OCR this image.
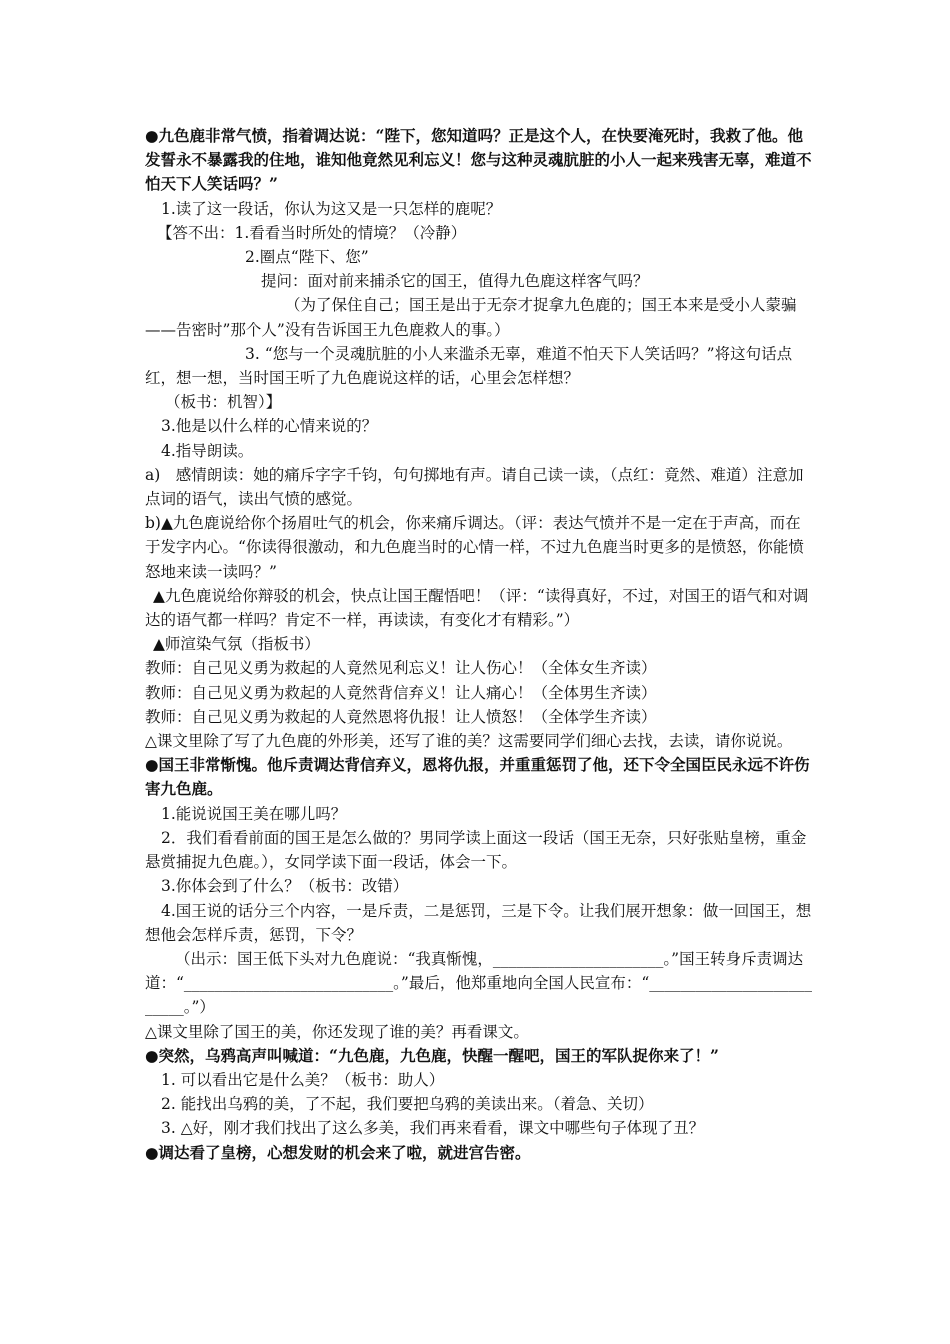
●九色鹿非常气愤，指着调达说：“陛下，您知道吗？正是这个人，在快要淹死时，我救了他。他发誓永不暴露我的住地，谁知他竟然见利忘义！您与这种灵魂肮脏的小人一起来残害无辜，难道不怕天下人笑话吗？”

1.读了这一段话，你认为这又是一只怎样的鹿呢？

【答不出：1.看看当时所处的情境？（冷静）

2.圈点“陛下、您”

提问：面对前来捕杀它的国王，值得九色鹿这样客气吗？

（为了保住自己；国王是出于无奈才捉拿九色鹿的；国王本来是受小人蒙骗——告密时”那个人”没有告诉国王九色鹿救人的事。）

3. “您与一个灵魂肮脏的小人来滥杀无辜，难道不怕天下人笑话吗？”将这句话点红，想一想，当时国王听了九色鹿说这样的话，心里会怎样想？

（板书：机智）】

3.他是以什么样的心情来说的？

4.指导朗读。

a)　感情朗读：她的痛斥字字千钧，句句掷地有声。请自己读一读，（点红：竟然、难道）注意加点词的语气，读出气愤的感觉。

b)▲九色鹿说给你个扬眉吐气的机会，你来痛斥调达。（评：表达气愤并不是一定在于声高，而在于发字内心。“你读得很激动，和九色鹿当时的心情一样，不过九色鹿当时更多的是愤怒，你能愤怒地来读一读吗？”

▲九色鹿说给你辩驳的机会，快点让国王醒悟吧！（评：“读得真好，不过，对国王的语气和对调达的语气都一样吗？肯定不一样，再读读，有变化才有精彩。”）

▲师渲染气氛（指板书）

教师：自己见义勇为救起的人竟然见利忘义！让人伤心！（全体女生齐读）

教师：自己见义勇为救起的人竟然背信弃义！让人痛心！（全体男生齐读）

教师：自己见义勇为救起的人竟然恩将仇报！让人愤怒！（全体学生齐读）

△课文里除了写了九色鹿的外形美，还写了谁的美？这需要同学们细心去找，去读，请你说说。

●国王非常惭愧。他斥责调达背信弃义，恩将仇报，并重重惩罚了他，还下令全国臣民永远不许伤害九色鹿。

1.能说说国王美在哪儿吗？

2．我们看看前面的国王是怎么做的？男同学读上面这一段话（国王无奈，只好张贴皇榜，重金悬赏捕捉九色鹿。），女同学读下面一段话，体会一下。

3.你体会到了什么？（板书：改错）

4.国王说的话分三个内容，一是斥责，二是惩罚，三是下令。让我们展开想象：做一回国王，想想他会怎样斥责，惩罚，下令？

（出示：国王低下头对九色鹿说：“我真惭愧，______________________。”国王转身斥责调达道：“___________________________。”最后，他郑重地向全国人民宣布：“__________________________。”）

△课文里除了国王的美，你还发现了谁的美？再看课文。

●突然，乌鸦高声叫喊道：“九色鹿，九色鹿，快醒一醒吧，国王的军队捉你来了！”

1. 可以看出它是什么美？（板书：助人）

2. 能找出乌鸦的美，了不起，我们要把乌鸦的美读出来。（着急、关切）

3. △好，刚才我们找出了这么多美，我们再来看看，课文中哪些句子体现了丑？

●调达看了皇榜，心想发财的机会来了啦，就进宫告密。
